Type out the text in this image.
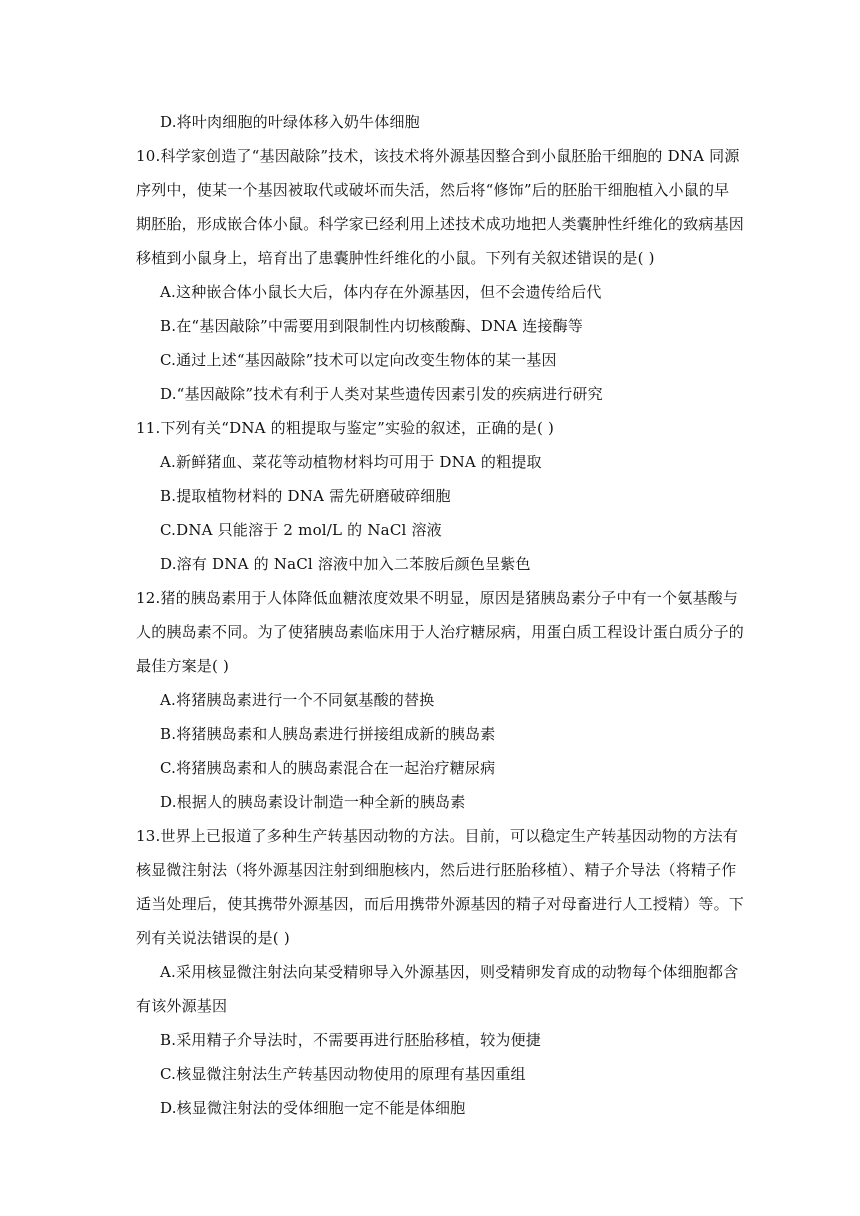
D.将叶肉细胞的叶绿体移入奶牛体细胞
10.科学家创造了“基因敲除”技术，该技术将外源基因整合到小鼠胚胎干细胞的 DNA 同源
序列中，使某一个基因被取代或破坏而失活，然后将“修饰”后的胚胎干细胞植入小鼠的早
期胚胎，形成嵌合体小鼠。科学家已经利用上述技术成功地把人类囊肿性纤维化的致病基因
移植到小鼠身上，培育出了患囊肿性纤维化的小鼠。下列有关叙述错误的是( )
A.这种嵌合体小鼠长大后，体内存在外源基因，但不会遗传给后代
B.在“基因敲除”中需要用到限制性内切核酸酶、DNA 连接酶等
C.通过上述“基因敲除”技术可以定向改变生物体的某一基因
D.“基因敲除”技术有利于人类对某些遗传因素引发的疾病进行研究
11.下列有关“DNA 的粗提取与鉴定”实验的叙述，正确的是( )
A.新鲜猪血、菜花等动植物材料均可用于 DNA 的粗提取
B.提取植物材料的 DNA 需先研磨破碎细胞
C.DNA 只能溶于 2 mol/L 的 NaCl 溶液
D.溶有 DNA 的 NaCl 溶液中加入二苯胺后颜色呈紫色
12.猪的胰岛素用于人体降低血糖浓度效果不明显，原因是猪胰岛素分子中有一个氨基酸与
人的胰岛素不同。为了使猪胰岛素临床用于人治疗糖尿病，用蛋白质工程设计蛋白质分子的
最佳方案是( )
A.将猪胰岛素进行一个不同氨基酸的替换
B.将猪胰岛素和人胰岛素进行拼接组成新的胰岛素
C.将猪胰岛素和人的胰岛素混合在一起治疗糖尿病
D.根据人的胰岛素设计制造一种全新的胰岛素
13.世界上已报道了多种生产转基因动物的方法。目前，可以稳定生产转基因动物的方法有
核显微注射法（将外源基因注射到细胞核内，然后进行胚胎移植）、精子介导法（将精子作
适当处理后，使其携带外源基因，而后用携带外源基因的精子对母畜进行人工授精）等。下
列有关说法错误的是( )
A.采用核显微注射法向某受精卵导入外源基因，则受精卵发育成的动物每个体细胞都含
有该外源基因
B.采用精子介导法时，不需要再进行胚胎移植，较为便捷
C.核显微注射法生产转基因动物使用的原理有基因重组
D.核显微注射法的受体细胞一定不能是体细胞
